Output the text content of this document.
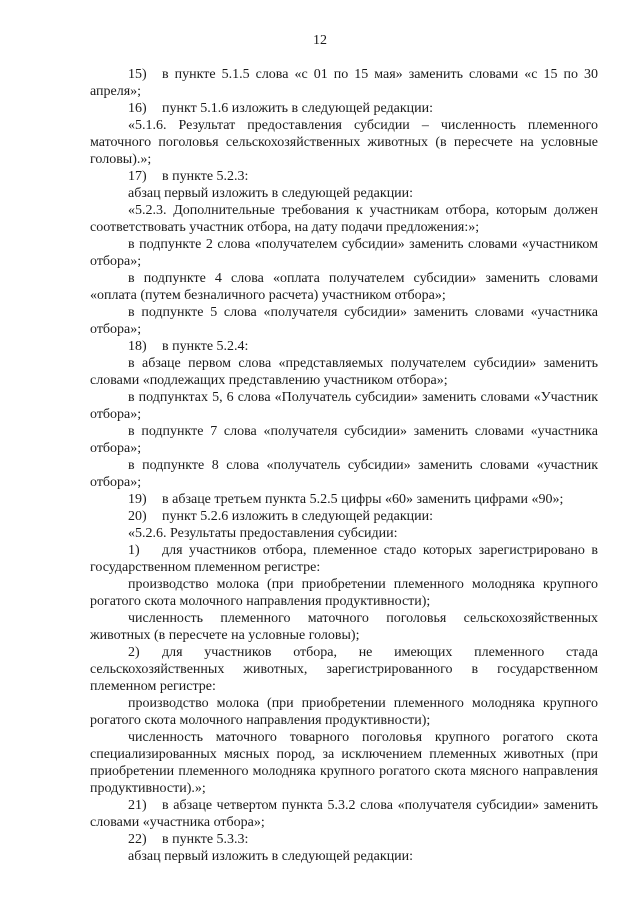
12

15) в пункте 5.1.5 слова «с 01 по 15 мая» заменить словами «с 15 по 30 апреля»;

16) пункт 5.1.6 изложить в следующей редакции:

«5.1.6. Результат предоставления субсидии – численность племенного маточного поголовья сельскохозяйственных животных (в пересчете на условные головы).»;

17) в пункте 5.2.3:

абзац первый изложить в следующей редакции:

«5.2.3. Дополнительные требования к участникам отбора, которым должен соответствовать участник отбора, на дату подачи предложения:»;

в подпункте 2 слова «получателем субсидии» заменить словами «участником отбора»;

в подпункте 4 слова «оплата получателем субсидии» заменить словами «оплата (путем безналичного расчета) участником отбора»;

в подпункте 5 слова «получателя субсидии» заменить словами «участника отбора»;

18) в пункте 5.2.4:

в абзаце первом слова «представляемых получателем субсидии» заменить словами «подлежащих представлению участником отбора»;

в подпунктах 5, 6 слова «Получатель субсидии» заменить словами «Участник отбора»;

в подпункте 7 слова «получателя субсидии» заменить словами «участника отбора»;

в подпункте 8 слова «получатель субсидии» заменить словами «участник отбора»;

19) в абзаце третьем пункта 5.2.5 цифры «60» заменить цифрами «90»;

20) пункт 5.2.6 изложить в следующей редакции:

«5.2.6. Результаты предоставления субсидии:

1) для участников отбора, племенное стадо которых зарегистрировано в государственном племенном регистре:

производство молока (при приобретении племенного молодняка крупного рогатого скота молочного направления продуктивности);

численность племенного маточного поголовья сельскохозяйственных животных (в пересчете на условные головы);

2) для участников отбора, не имеющих племенного стада сельскохозяйственных животных, зарегистрированного в государственном племенном регистре:

производство молока (при приобретении племенного молодняка крупного рогатого скота молочного направления продуктивности);

численность маточного товарного поголовья крупного рогатого скота специализированных мясных пород, за исключением племенных животных (при приобретении племенного молодняка крупного рогатого скота мясного направления продуктивности).»;

21) в абзаце четвертом пункта 5.3.2 слова «получателя субсидии» заменить словами «участника отбора»;

22) в пункте 5.3.3:

абзац первый изложить в следующей редакции:
